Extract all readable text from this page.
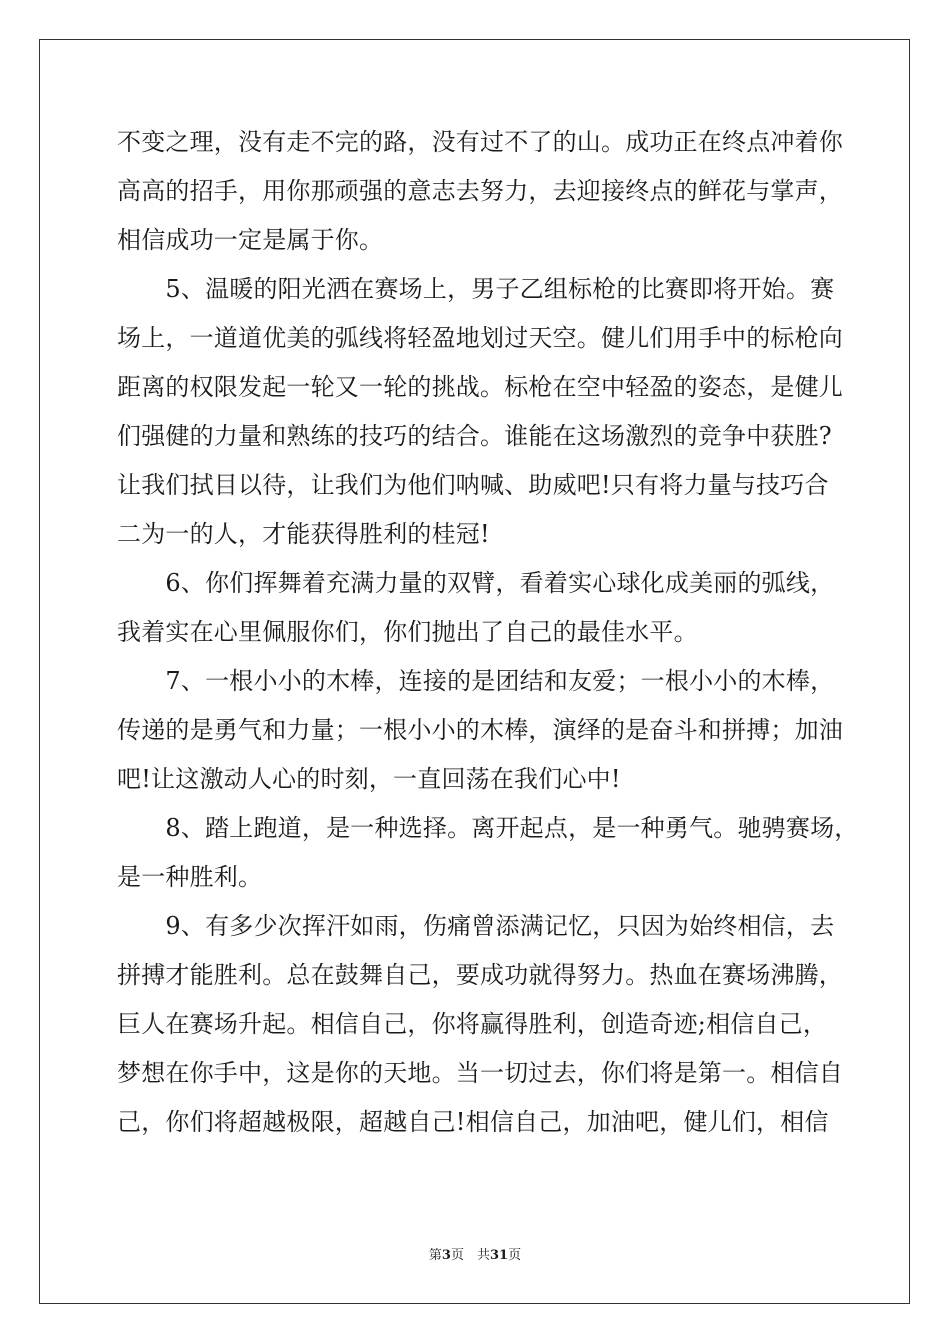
不变之理，没有走不完的路，没有过不了的山。成功正在终点冲着你
高高的招手，用你那顽强的意志去努力，去迎接终点的鲜花与掌声，
相信成功一定是属于你。
　　5、温暖的阳光洒在赛场上，男子乙组标枪的比赛即将开始。赛
场上，一道道优美的弧线将轻盈地划过天空。健儿们用手中的标枪向
距离的权限发起一轮又一轮的挑战。标枪在空中轻盈的姿态，是健儿
们强健的力量和熟练的技巧的结合。谁能在这场激烈的竞争中获胜?
让我们拭目以待，让我们为他们呐喊、助威吧!只有将力量与技巧合
二为一的人，才能获得胜利的桂冠!
　　6、你们挥舞着充满力量的双臂，看着实心球化成美丽的弧线，
我着实在心里佩服你们，你们抛出了自己的最佳水平。
　　7、一根小小的木棒，连接的是团结和友爱；一根小小的木棒，
传递的是勇气和力量；一根小小的木棒，演绎的是奋斗和拼搏；加油
吧!让这激动人心的时刻，一直回荡在我们心中!
　　8、踏上跑道，是一种选择。离开起点，是一种勇气。驰骋赛场，
是一种胜利。
　　9、有多少次挥汗如雨，伤痛曾添满记忆，只因为始终相信，去
拼搏才能胜利。总在鼓舞自己，要成功就得努力。热血在赛场沸腾，
巨人在赛场升起。相信自己，你将赢得胜利，创造奇迹;相信自己，
梦想在你手中，这是你的天地。当一切过去，你们将是第一。相信自
己，你们将超越极限，超越自己!相信自己，加油吧，健儿们，相信
第3页　共31页
